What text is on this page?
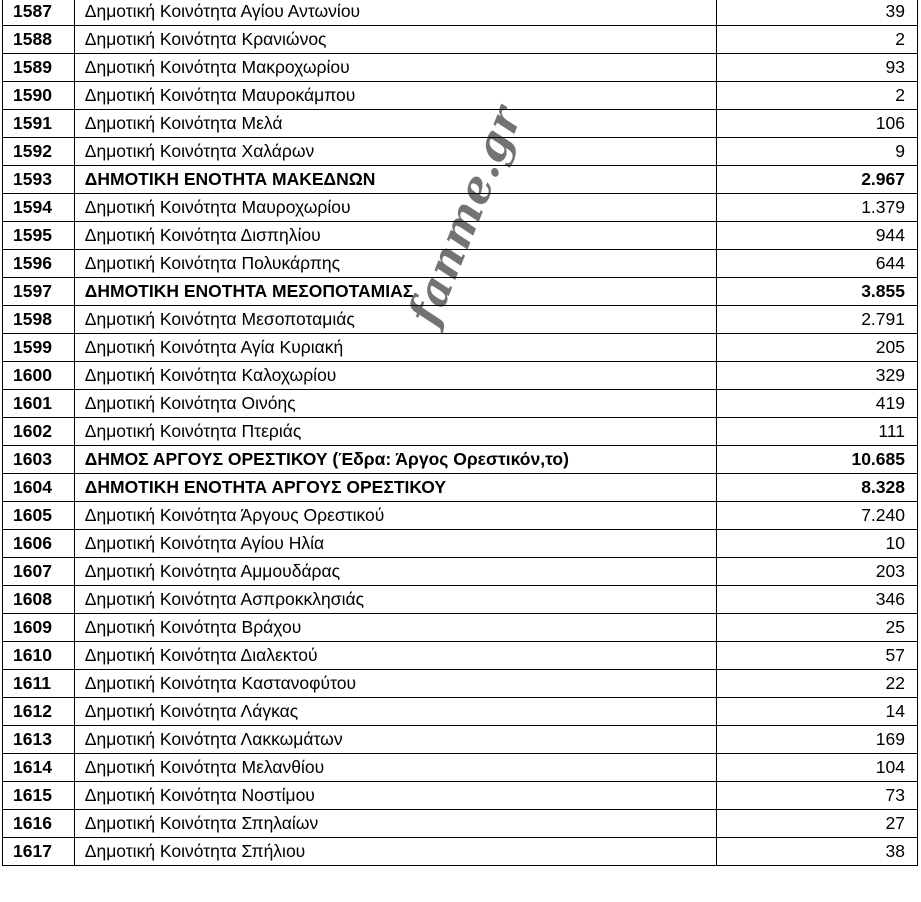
1587	Δημοτική Κοινότητα Αγίου Αντωνίου	39
1588	Δημοτική Κοινότητα Κρανιώνος	2
1589	Δημοτική Κοινότητα Μακροχωρίου	93
1590	Δημοτική Κοινότητα Μαυροκάμπου	2
1591	Δημοτική Κοινότητα Μελά	106
1592	Δημοτική Κοινότητα Χαλάρων	9
1593	ΔΗΜΟΤΙΚΗ ΕΝΟΤΗΤΑ ΜΑΚΕΔΝΩΝ	2.967
1594	Δημοτική Κοινότητα Μαυροχωρίου	1.379
1595	Δημοτική Κοινότητα Δισπηλίου	944
1596	Δημοτική Κοινότητα Πολυκάρπης	644
1597	ΔΗΜΟΤΙΚΗ ΕΝΟΤΗΤΑ ΜΕΣΟΠΟΤΑΜΙΑΣ	3.855
1598	Δημοτική Κοινότητα Μεσοποταμιάς	2.791
1599	Δημοτική Κοινότητα Αγία Κυριακή	205
1600	Δημοτική Κοινότητα Καλοχωρίου	329
1601	Δημοτική Κοινότητα Οινόης	419
1602	Δημοτική Κοινότητα Πτεριάς	111
1603	ΔΗΜΟΣ ΑΡΓΟΥΣ ΟΡΕΣΤΙΚΟΥ (Έδρα: Άργος Ορεστικόν,το)	10.685
1604	ΔΗΜΟΤΙΚΗ ΕΝΟΤΗΤΑ ΑΡΓΟΥΣ ΟΡΕΣΤΙΚΟΥ	8.328
1605	Δημοτική Κοινότητα Άργους Ορεστικού	7.240
1606	Δημοτική Κοινότητα Αγίου Ηλία	10
1607	Δημοτική Κοινότητα Αμμουδάρας	203
1608	Δημοτική Κοινότητα Ασπροκκλησιάς	346
1609	Δημοτική Κοινότητα Βράχου	25
1610	Δημοτική Κοινότητα Διαλεκτού	57
1611	Δημοτική Κοινότητα Καστανοφύτου	22
1612	Δημοτική Κοινότητα Λάγκας	14
1613	Δημοτική Κοινότητα Λακκωμάτων	169
1614	Δημοτική Κοινότητα Μελανθίου	104
1615	Δημοτική Κοινότητα Νοστίμου	73
1616	Δημοτική Κοινότητα Σπηλαίων	27
1617	Δημοτική Κοινότητα Σπήλιου	38
fanme.gr
